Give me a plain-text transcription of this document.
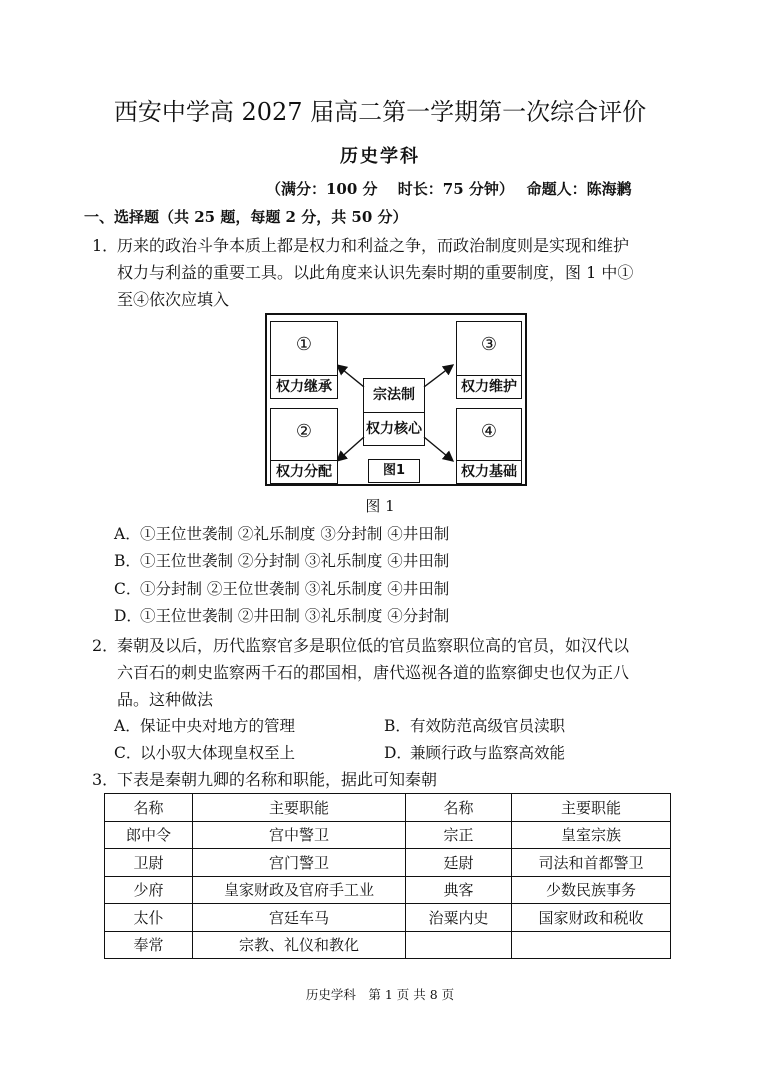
西安中学高 2027 届高二第一学期第一次综合评价
历史学科
（满分：100 分　 时长：75 分钟）　 命题人：陈海鹣
一、选择题（共 25 题，每题 2 分，共 50 分）
1．
历来的政治斗争本质上都是权力和利益之争，而政治制度则是实现和维护
权力与利益的重要工具。以此角度来认识先秦时期的重要制度，图 1 中①
至④依次应填入
①
权力继承
②
权力分配
③
权力维护
④
权力基础
宗法制
权力核心
图1
图 1
A．①王位世袭制 ②礼乐制度 ③分封制 ④井田制
B．①王位世袭制 ②分封制 ③礼乐制度 ④井田制
C．①分封制 ②王位世袭制 ③礼乐制度 ④井田制
D．①王位世袭制 ②井田制 ③礼乐制度 ④分封制
2．
秦朝及以后，历代监察官多是职位低的官员监察职位高的官员，如汉代以
六百石的刺史监察两千石的郡国相，唐代巡视各道的监察御史也仅为正八
品。这种做法
A．保证中央对地方的管理	B．有效防范高级官员渎职
C．以小驭大体现皇权至上	D．兼顾行政与监察高效能
3．
下表是秦朝九卿的名称和职能，据此可知秦朝
名称	主要职能	名称	主要职能
郎中令	宫中警卫	宗正	皇室宗族
卫尉	宫门警卫	廷尉	司法和首都警卫
少府	皇家财政及官府手工业	典客	少数民族事务
太仆	宫廷车马	治粟内史	国家财政和税收
奉常	宗教、礼仪和教化		
历史学科　第 1 页 共 8 页
